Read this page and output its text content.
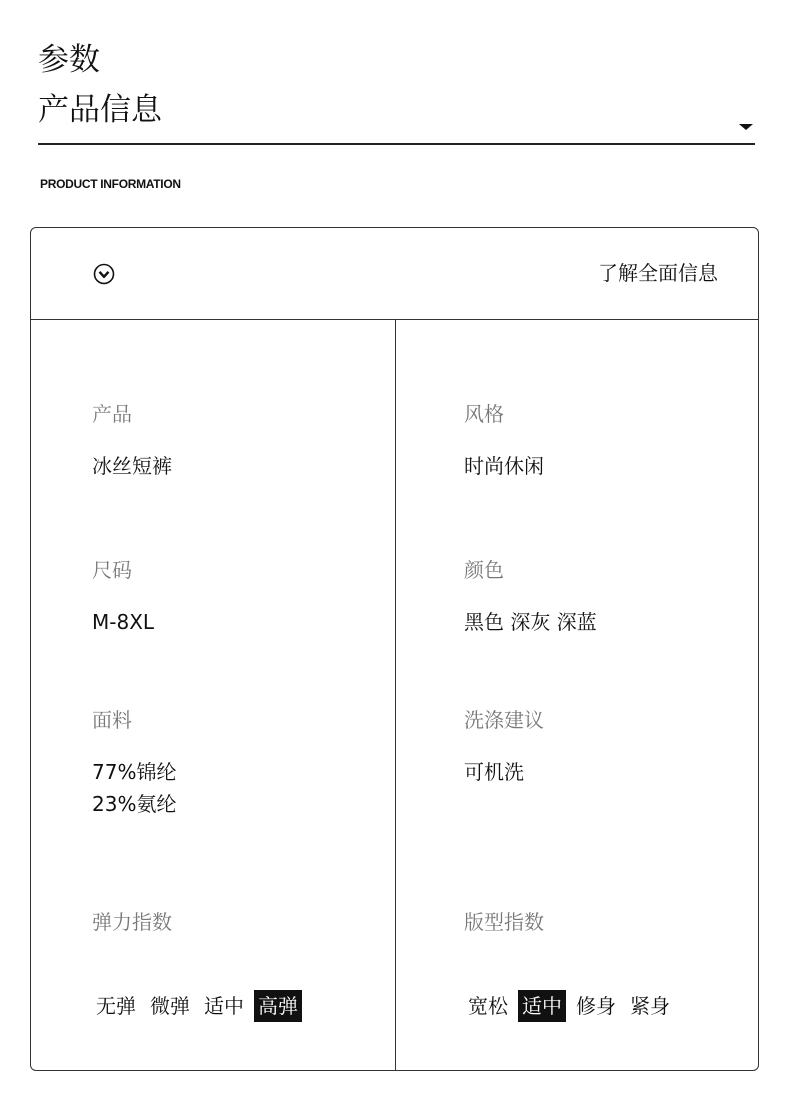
参数
产品信息
PRODUCT INFORMATION
了解全面信息
产品
冰丝短裤
风格
时尚休闲
尺码
M-8XL
颜色
黑色 深灰 深蓝
面料
77%锦纶
23%氨纶
洗涤建议
可机洗
弹力指数

无弹 微弹 适中 高弹

版型指数

宽松 适中 修身 紧身
